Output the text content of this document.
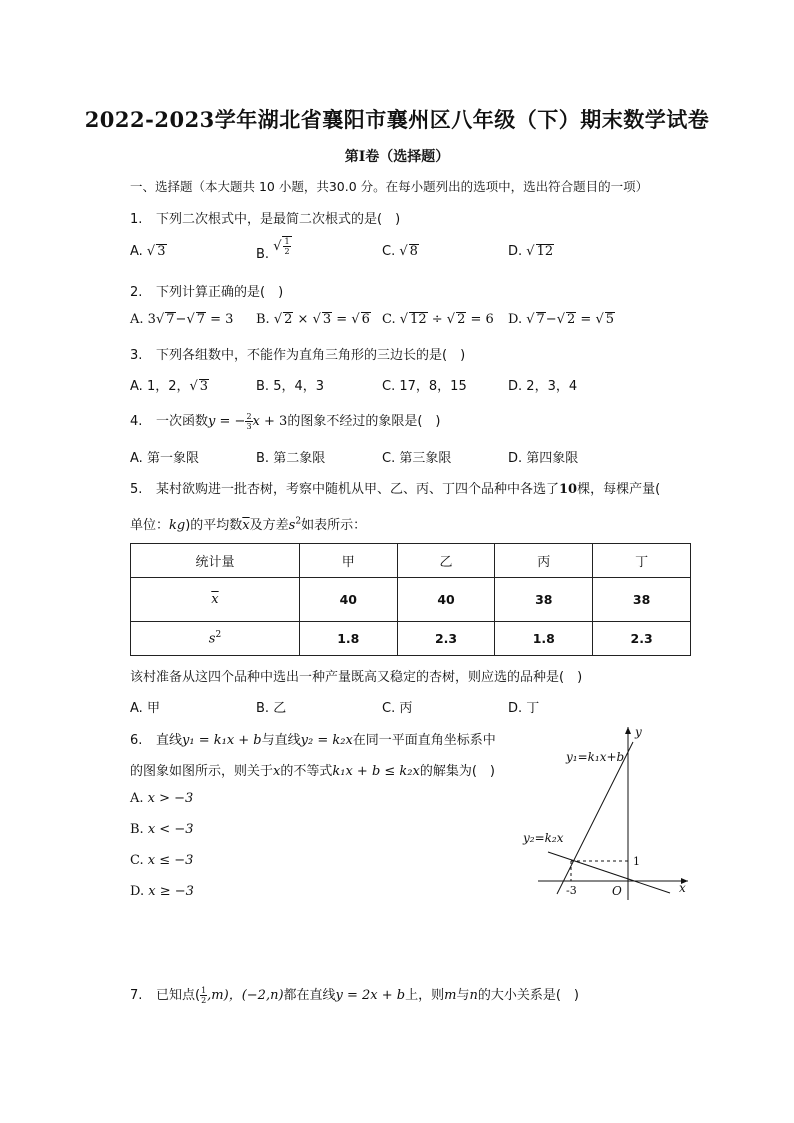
2022-2023学年湖北省襄阳市襄州区八年级（下）期末数学试卷
第I卷（选择题）
一、选择题（本大题共 10 小题，共30.0 分。在每小题列出的选项中，选出符合题目的一项）
1. 下列二次根式中，是最简二次根式的是(　)
A. √ 3	B. √ $\frac{1}{2}$	C. √ 8	D. √ 12
2. 下列计算正确的是(　)
A. 3√ 7−√ 7 = 3 B. √ 2 × √ 3 = √ 6 C. √ 12 ÷ √ 2 = 6 D. √ 7−√ 2 = √ 5
3. 下列各组数中，不能作为直角三角形的三边长的是(　)
A. 1，2，√ 3	B. 5，4，3	C. 17，8，15	D. 2，3，4
4. 一次函数y = − $\frac{2}{3}$ x + 3的图象不经过的象限是(　)
A. 第一象限	B. 第二象限	C. 第三象限	D. 第四象限
5. 某村欲购进一批杏树，考察中随机从甲、乙、丙、丁四个品种中各选了10棵，每棵产量(
单位：kg)的平均数$\overline{x}$及方差$s^2$如表所示：
统计量	甲	乙	丙	丁
$\overline{x}$	40	40	38	38
$s^2$	1.8	2.3	1.8	2.3
该村准备从这四个品种中选出一种产量既高又稳定的杏树，则应选的品种是(　)
A. 甲	B. 乙	C. 丙	D. 丁
6. 直线y₁ = k₁x + b与直线y₂ = k₂x在同一平面直角坐标系中
的图象如图所示，则关于x的不等式k₁x + b ≤ k₂x的解集为(　)
A. x > −3
B. x < −3
C. x ≤ −3
D. x ≥ −3
y
x
O
y₁=k₁x+b
y₂=k₂x
-3
1
7. 已知点( $\frac{1}{2} ,m$)，(−2,n)都在直线y = 2x + b上，则m与n的大小关系是(　)
